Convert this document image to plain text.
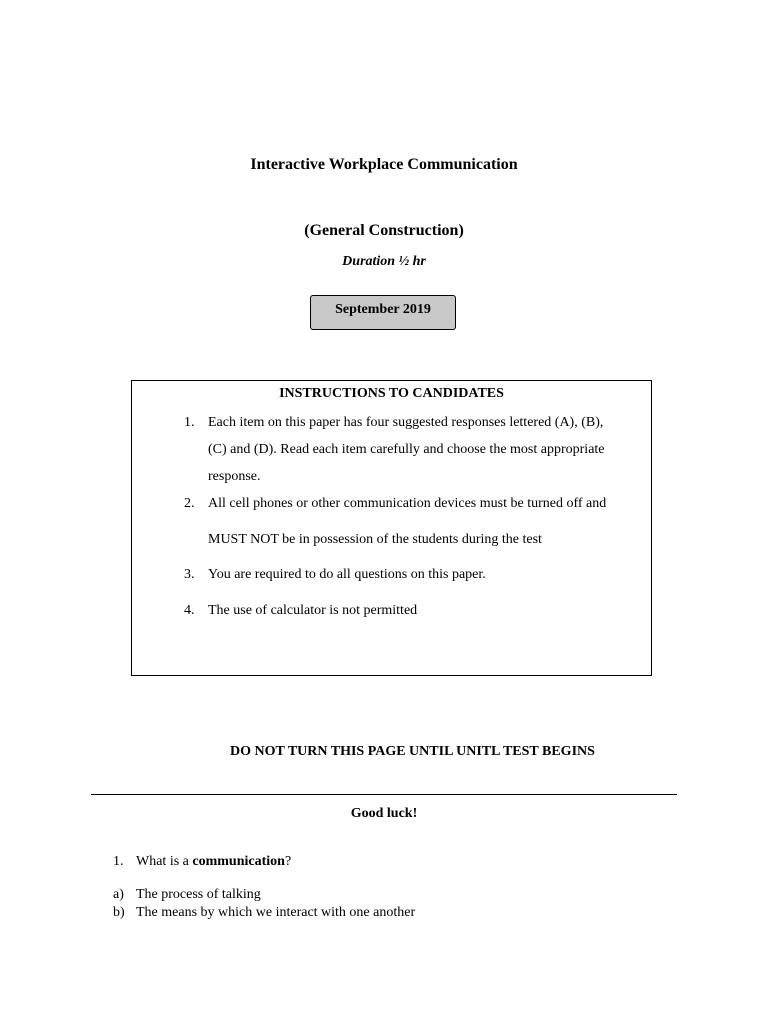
Interactive Workplace Communication
(General Construction)
Duration ½ hr
September 2019
INSTRUCTIONS TO CANDIDATES
1. Each item on this paper has four suggested responses lettered (A), (B),
(C) and (D). Read each item carefully and choose the most appropriate
response.
2. All cell phones or other communication devices must be turned off and
MUST NOT be in possession of the students during the test
3. You are required to do all questions on this paper.
4. The use of calculator is not permitted
DO NOT TURN THIS PAGE UNTIL UNITL TEST BEGINS
Good luck!
1. What is a communication?
a) The process of talking
b) The means by which we interact with one another
